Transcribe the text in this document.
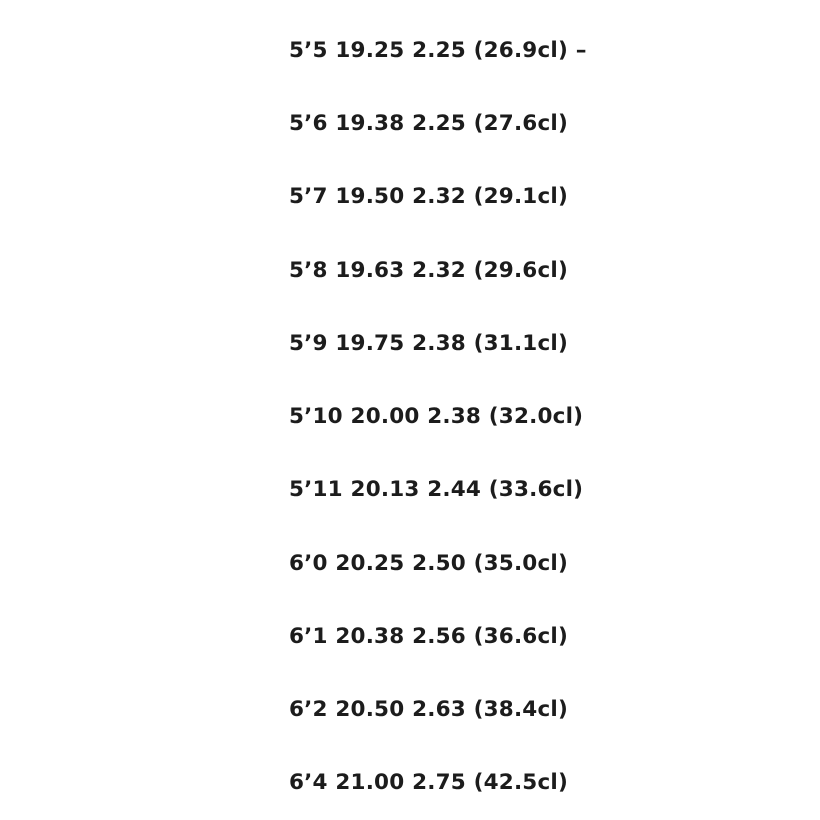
5’5 19.25 2.25 (26.9cl) –
5’6 19.38 2.25 (27.6cl)
5’7 19.50 2.32 (29.1cl)
5’8 19.63 2.32 (29.6cl)
5’9 19.75 2.38 (31.1cl)
5’10 20.00 2.38 (32.0cl)
5’11 20.13 2.44 (33.6cl)
6’0 20.25 2.50 (35.0cl)
6’1 20.38 2.56 (36.6cl)
6’2 20.50 2.63 (38.4cl)
6’4 21.00 2.75 (42.5cl)
